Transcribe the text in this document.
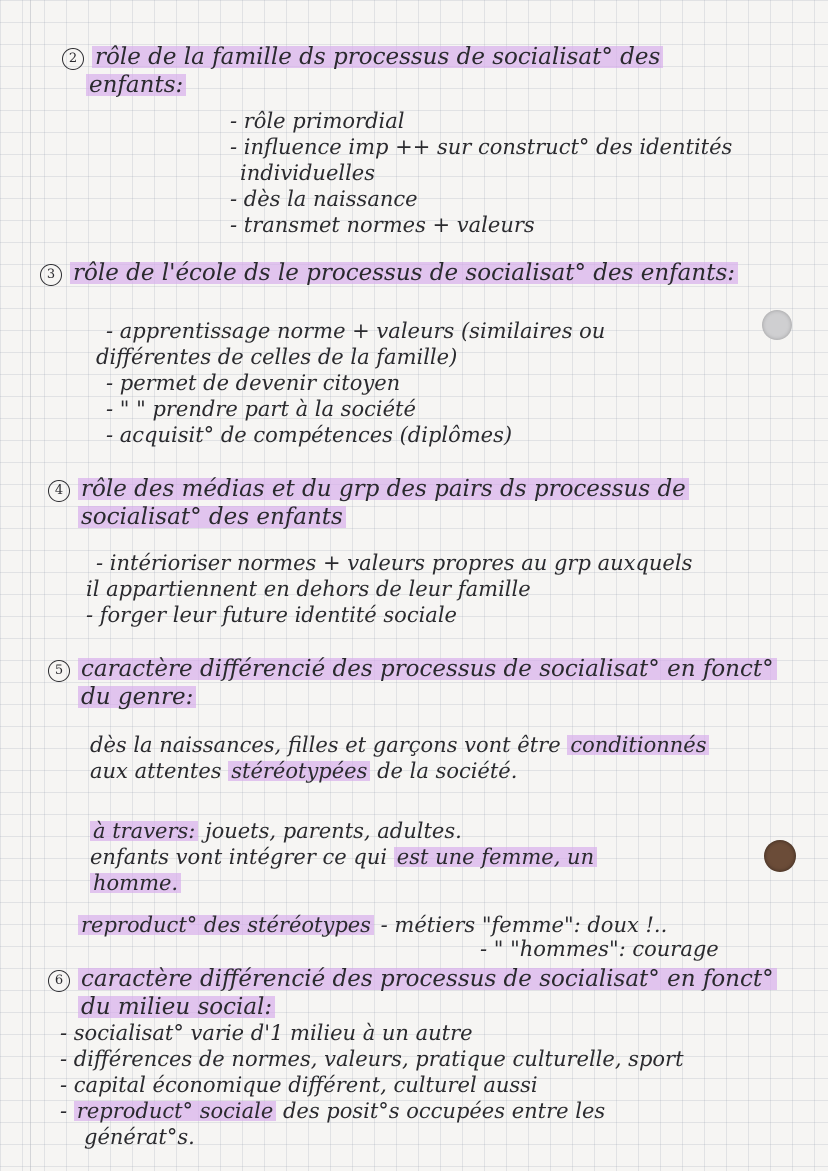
2 rôle de la famille ds processus de socialisat° des
enfants:
- rôle primordial
- influence imp ++ sur construct° des identités
individuelles
- dès la naissance
- transmet normes + valeurs
3 rôle de l'école ds le processus de socialisat° des enfants:
- apprentissage norme + valeurs (similaires ou
différentes de celles de la famille)
- permet de devenir citoyen
- " " prendre part à la société
- acquisit° de compétences (diplômes)
4 rôle des médias et du grp des pairs ds processus de
socialisat° des enfants
- intérioriser normes + valeurs propres au grp auxquels
il appartiennent en dehors de leur famille
- forger leur future identité sociale
5 caractère différencié des processus de socialisat° en fonct°
du genre:
dès la naissances, filles et garçons vont être conditionnés
aux attentes stéréotypées de la société.
à travers: jouets, parents, adultes.
enfants vont intégrer ce qui est une femme, un
homme.
reproduct° des stéréotypes - métiers "femme": doux !..
- " "hommes": courage
6 caractère différencié des processus de socialisat° en fonct°
du milieu social:
- socialisat° varie d'1 milieu à un autre
- différences de normes, valeurs, pratique culturelle, sport
- capital économique différent, culturel aussi
- reproduct° sociale des posit°s occupées entre les
générat°s.
